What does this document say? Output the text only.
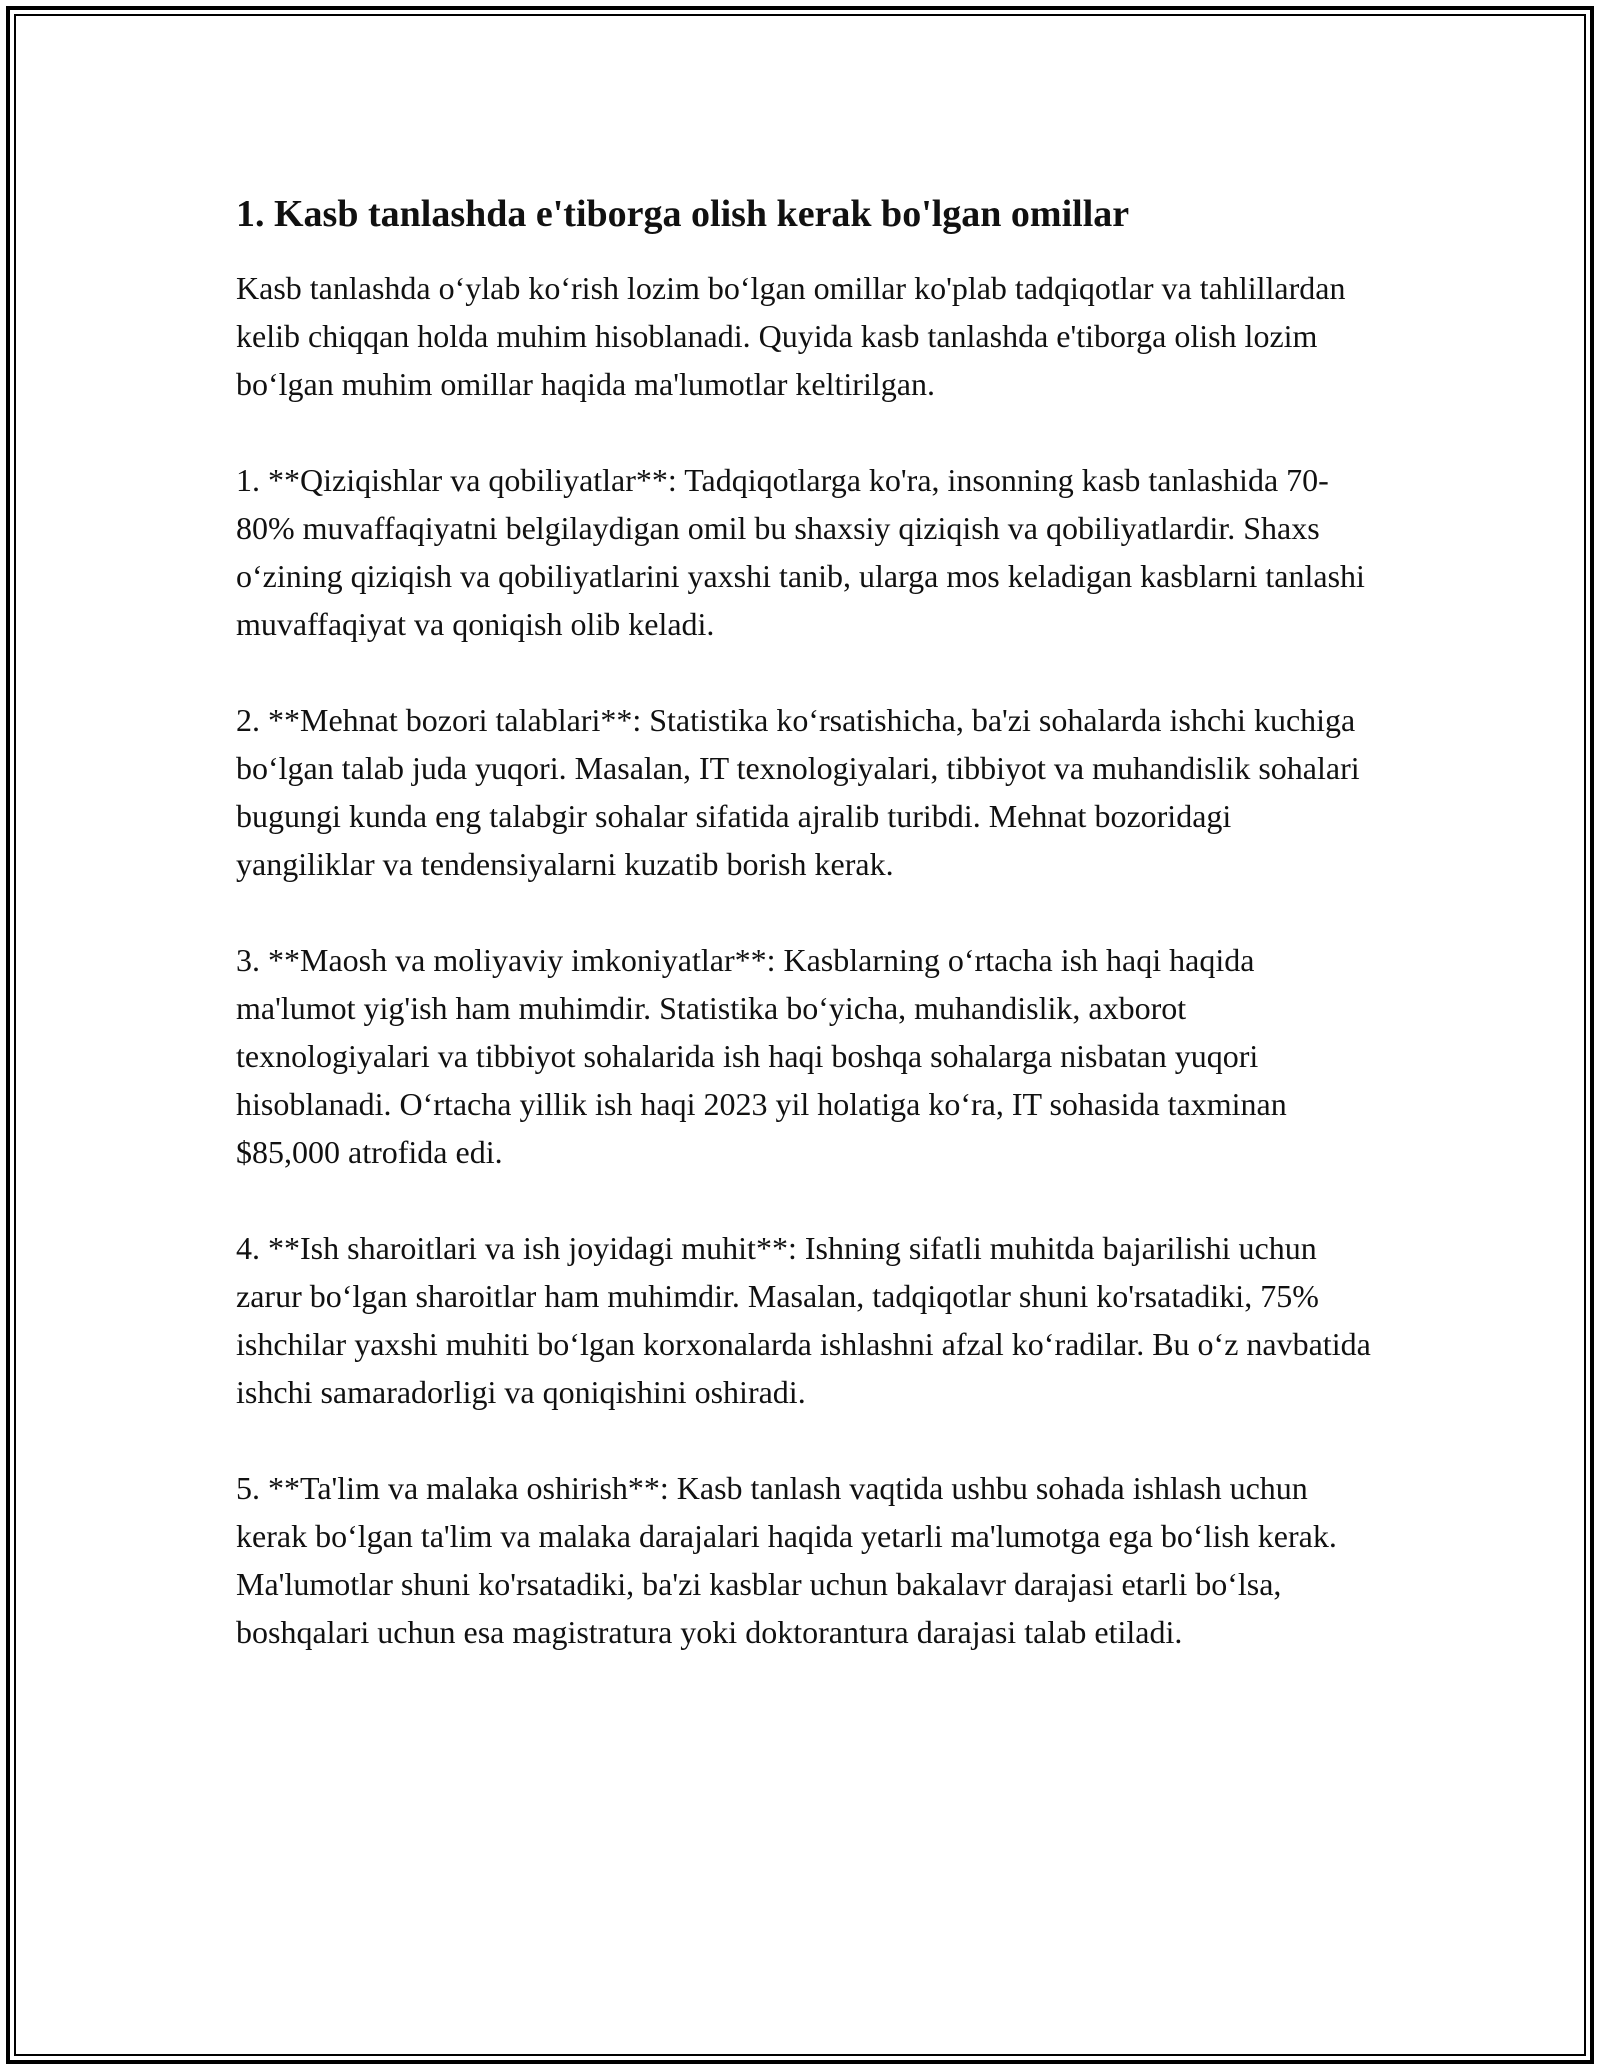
1. Kasb tanlashda e'tiborga olish kerak bo'lgan omillar

Kasb tanlashda o‘ylab ko‘rish lozim bo‘lgan omillar ko'plab tadqiqotlar va tahlillardan kelib chiqqan holda muhim hisoblanadi. Quyida kasb tanlashda e'tiborga olish lozim bo‘lgan muhim omillar haqida ma'lumotlar keltirilgan.

1. **Qiziqishlar va qobiliyatlar**: Tadqiqotlarga ko'ra, insonning kasb tanlashida 70-80% muvaffaqiyatni belgilaydigan omil bu shaxsiy qiziqish va qobiliyatlardir. Shaxs o‘zining qiziqish va qobiliyatlarini yaxshi tanib, ularga mos keladigan kasblarni tanlashi muvaffaqiyat va qoniqish olib keladi.

2. **Mehnat bozori talablari**: Statistika ko‘rsatishicha, ba'zi sohalarda ishchi kuchiga bo‘lgan talab juda yuqori. Masalan, IT texnologiyalari, tibbiyot va muhandislik sohalari bugungi kunda eng talabgir sohalar sifatida ajralib turibdi. Mehnat bozoridagi yangiliklar va tendensiyalarni kuzatib borish kerak.

3. **Maosh va moliyaviy imkoniyatlar**: Kasblarning o‘rtacha ish haqi haqida ma'lumot yig'ish ham muhimdir. Statistika bo‘yicha, muhandislik, axborot texnologiyalari va tibbiyot sohalarida ish haqi boshqa sohalarga nisbatan yuqori hisoblanadi. O‘rtacha yillik ish haqi 2023 yil holatiga ko‘ra, IT sohasida taxminan $85,000 atrofida edi.

4. **Ish sharoitlari va ish joyidagi muhit**: Ishning sifatli muhitda bajarilishi uchun zarur bo‘lgan sharoitlar ham muhimdir. Masalan, tadqiqotlar shuni ko'rsatadiki, 75% ishchilar yaxshi muhiti bo‘lgan korxonalarda ishlashni afzal ko‘radilar. Bu o‘z navbatida ishchi samaradorligi va qoniqishini oshiradi.

5. **Ta'lim va malaka oshirish**: Kasb tanlash vaqtida ushbu sohada ishlash uchun kerak bo‘lgan ta'lim va malaka darajalari haqida yetarli ma'lumotga ega bo‘lish kerak. Ma'lumotlar shuni ko'rsatadiki, ba'zi kasblar uchun bakalavr darajasi etarli bo‘lsa, boshqalari uchun esa magistratura yoki doktorantura darajasi talab etiladi.
